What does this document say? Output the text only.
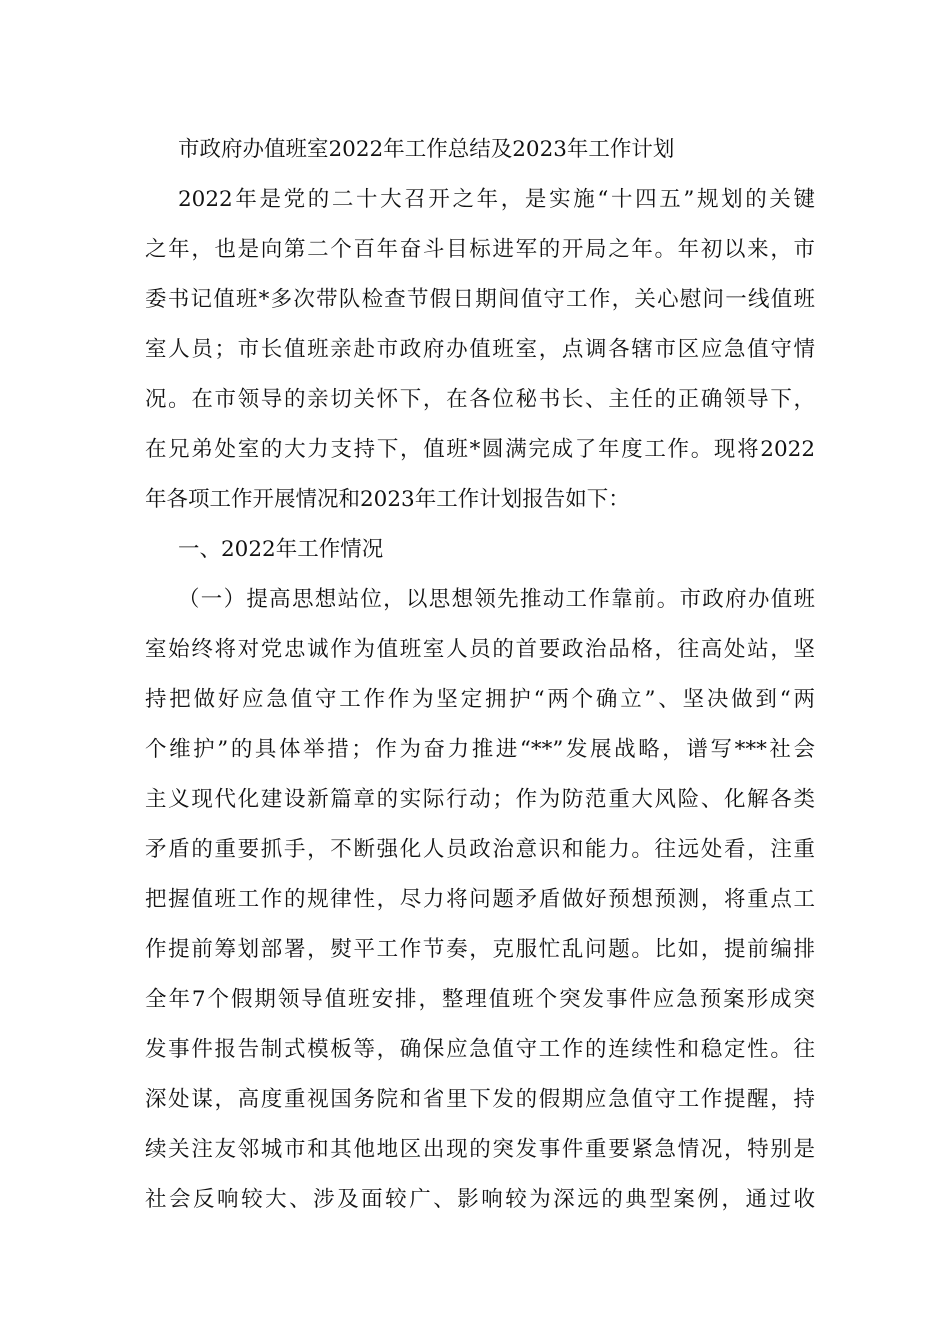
市政府办值班室2022年工作总结及2023年工作计划
2022年是党的二十大召开之年，是实施“十四五”规划的关键
之年，也是向第二个百年奋斗目标进军的开局之年。年初以来，市
委书记值班*多次带队检查节假日期间值守工作，关心慰问一线值班
室人员；市长值班亲赴市政府办值班室，点调各辖市区应急值守情
况。在市领导的亲切关怀下，在各位秘书长、主任的正确领导下，
在兄弟处室的大力支持下，值班*圆满完成了年度工作。现将2022
年各项工作开展情况和2023年工作计划报告如下：
一、2022年工作情况
（一）提高思想站位，以思想领先推动工作靠前。市政府办值班
室始终将对党忠诚作为值班室人员的首要政治品格，往高处站，坚
持把做好应急值守工作作为坚定拥护“两个确立”、坚决做到“两
个维护”的具体举措；作为奋力推进“**”发展战略，谱写***社会
主义现代化建设新篇章的实际行动；作为防范重大风险、化解各类
矛盾的重要抓手，不断强化人员政治意识和能力。往远处看，注重
把握值班工作的规律性，尽力将问题矛盾做好预想预测，将重点工
作提前筹划部署，熨平工作节奏，克服忙乱问题。比如，提前编排
全年7个假期领导值班安排，整理值班个突发事件应急预案形成突
发事件报告制式模板等，确保应急值守工作的连续性和稳定性。往
深处谋，高度重视国务院和省里下发的假期应急值守工作提醒，持
续关注友邻城市和其他地区出现的突发事件重要紧急情况，特别是
社会反响较大、涉及面较广、影响较为深远的典型案例，通过收
